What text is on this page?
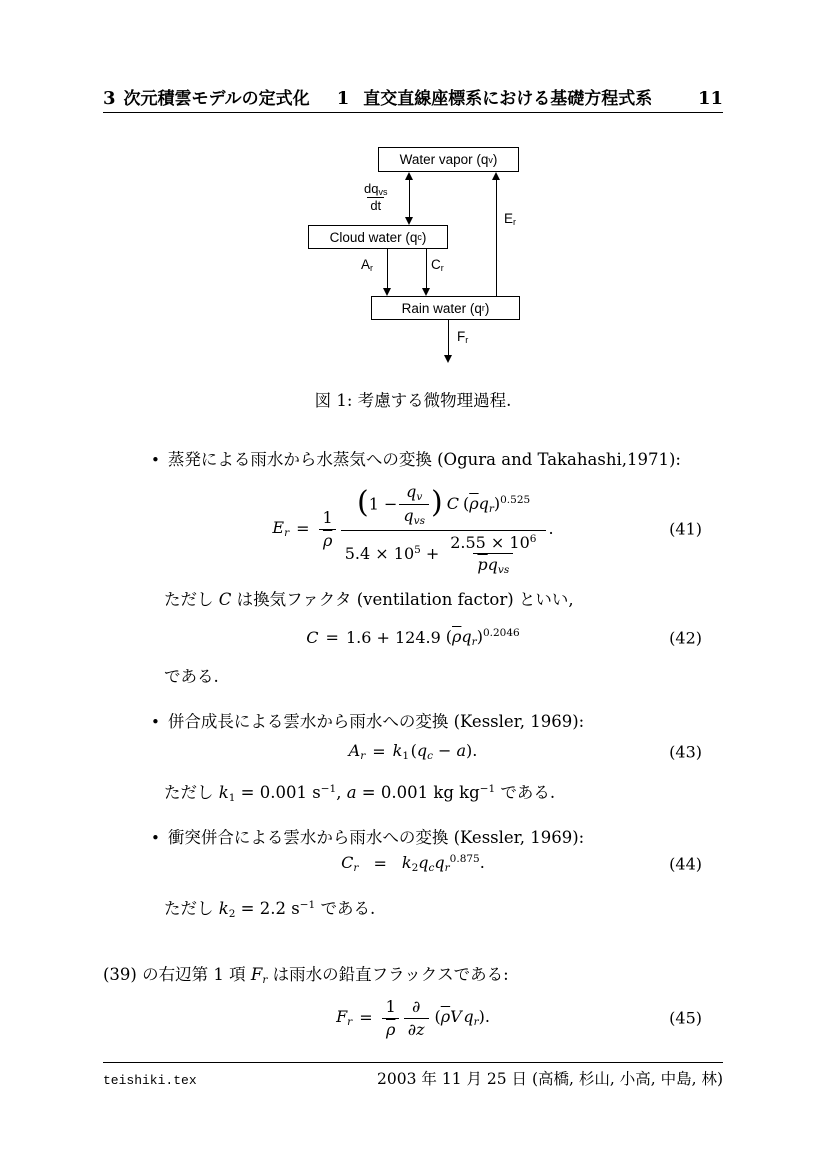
3 次元積雲モデルの定式化 1 直交直線座標系における基礎方程式系	11
Water vapor (q v )
Cloud water (q c )
Rain water (q r )
$dq_{vs}$
dt
$A_r$	$C_r$
$E_r$
$F_r$
図 1: 考慮する微物理過程.
• 蒸発による雨水から水蒸気への変換 (Ogura and Takahashi,1971):
$E_r = \frac{1}{\rho}$
(1 −
$q_v$
$q_{vs}$
) C $(\overline{\rho}q_r)^{0.525}$
$5.4 \times 10^5$ +
$2.55 \times 10^6$
$\overline{p}q_{vs}$
.	(41)
ただし C は換気ファクタ (ventilation factor) といい,
C = 1.6 + 124.9 $(\overline{\rho}q_r)^{0.2046}$	(42)
である.
• 併合成長による雲水から雨水への変換 (Kessler, 1969):
$A_r = k_1$ $(q_c - a)$.	(43)
ただし $k_1 = 0.001$ $s^{-1}$, a = 0.001 kg $kg^{-1}$ である.
• 衝突併合による雲水から雨水への変換 (Kessler, 1969):
$C_r = k_2q_cq_r^{0.875}$.	(44)
ただし $k_2 = 2.2$ $s^{-1}$ である.
(39) の右辺第 1 項 $F_r$ は雨水の鉛直フラックスである:
$F_r = \frac{1}{\rho}$ ∂
∂z
($\overline{\rho}V$ $q_r$).	(45)
teishiki.tex	2003 年 11 月 25 日 (高橋, 杉山, 小高, 中島, 林)
